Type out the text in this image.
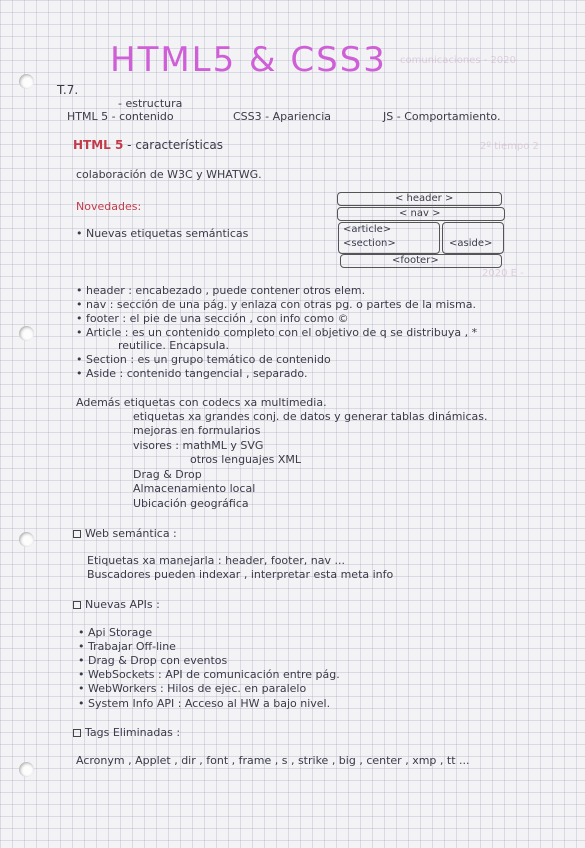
HTML5 & CSS3 comunicaciones - 2020
T.7.
- estructura
HTML 5 - contenido	CSS3 - Apariencia	JS - Comportamiento.
HTML 5 - características	2º tiempo 2
colaboración de W3C y WHATWG.
Novedades:
• Nuevas etiquetas semánticas
< header >
< nav >
<article>
<section>	<aside>
<footer>
2020 E -
• header : encabezado , puede contener otros elem.
• nav : sección de una pág. y enlaza con otras pg. o partes de la misma.
• footer : el pie de una sección , con info como ©
• Article : es un contenido completo con el objetivo de q se distribuya , *
reutilice. Encapsula.
• Section : es un grupo temático de contenido
• Aside : contenido tangencial , separado.
Además etiquetas con codecs xa multimedia.
etiquetas xa grandes conj. de datos y generar tablas dinámicas.
mejoras en formularios
visores : mathML y SVG
otros lenguajes XML
Drag & Drop
Almacenamiento local
Ubicación geográfica
Web semántica :
Etiquetas xa manejarla : header, footer, nav ...
Buscadores pueden indexar , interpretar esta meta info
Nuevas APIs :
• Api Storage
• Trabajar Off-line
• Drag & Drop con eventos
• WebSockets : API de comunicación entre pág.
• WebWorkers : Hilos de ejec. en paralelo
• System Info API : Acceso al HW a bajo nivel.
Tags Eliminadas :
Acronym , Applet , dir , font , frame , s , strike , big , center , xmp , tt ...
